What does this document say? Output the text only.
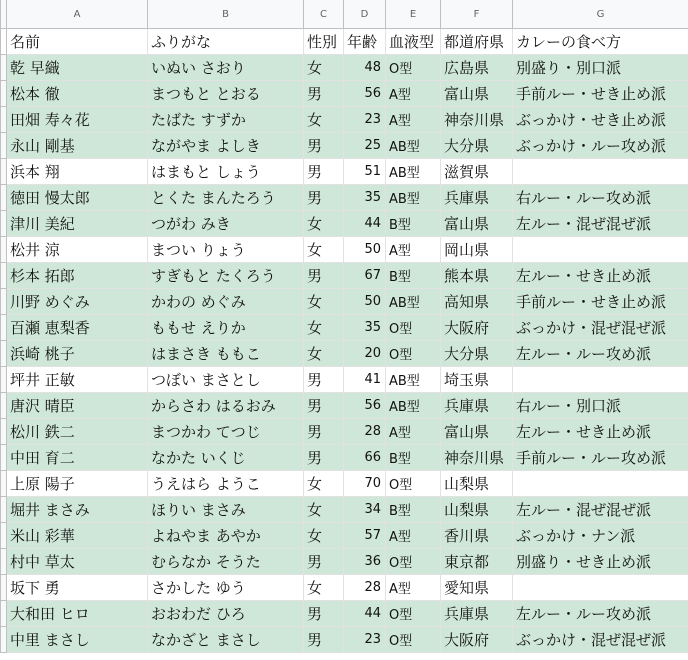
	A	B	C	D	E	F	G
	名前	ふりがな	性別	年齢	血液型	都道府県	カレーの食べ方
	乾 早織	いぬい さおり	女	48	O型	広島県	別盛り・別口派
	松本 徹	まつもと とおる	男	56	A型	富山県	手前ルー・せき止め派
	田畑 寿々花	たばた すずか	女	23	A型	神奈川県	ぶっかけ・せき止め派
	永山 剛基	ながやま よしき	男	25	AB型	大分県	ぶっかけ・ルー攻め派
	浜本 翔	はまもと しょう	男	51	AB型	滋賀県	
	徳田 慢太郎	とくた まんたろう	男	35	AB型	兵庫県	右ルー・ルー攻め派
	津川 美紀	つがわ みき	女	44	B型	富山県	左ルー・混ぜ混ぜ派
	松井 涼	まつい りょう	女	50	A型	岡山県	
	杉本 拓郎	すぎもと たくろう	男	67	B型	熊本県	左ルー・せき止め派
	川野 めぐみ	かわの めぐみ	女	50	AB型	高知県	手前ルー・せき止め派
	百瀬 恵梨香	ももせ えりか	女	35	O型	大阪府	ぶっかけ・混ぜ混ぜ派
	浜崎 桃子	はまさき ももこ	女	20	O型	大分県	左ルー・ルー攻め派
	坪井 正敏	つぼい まさとし	男	41	AB型	埼玉県	
	唐沢 晴臣	からさわ はるおみ	男	56	AB型	兵庫県	右ルー・別口派
	松川 鉄二	まつかわ てつじ	男	28	A型	富山県	左ルー・せき止め派
	中田 育二	なかた いくじ	男	66	B型	神奈川県	手前ルー・ルー攻め派
	上原 陽子	うえはら ようこ	女	70	O型	山梨県	
	堀井 まさみ	ほりい まさみ	女	34	B型	山梨県	左ルー・混ぜ混ぜ派
	米山 彩華	よねやま あやか	女	57	A型	香川県	ぶっかけ・ナン派
	村中 草太	むらなか そうた	男	36	O型	東京都	別盛り・せき止め派
	坂下 勇	さかした ゆう	女	28	A型	愛知県	
	大和田 ヒロ	おおわだ ひろ	男	44	O型	兵庫県	左ルー・ルー攻め派
	中里 まさし	なかざと まさし	男	23	O型	大阪府	ぶっかけ・混ぜ混ぜ派
